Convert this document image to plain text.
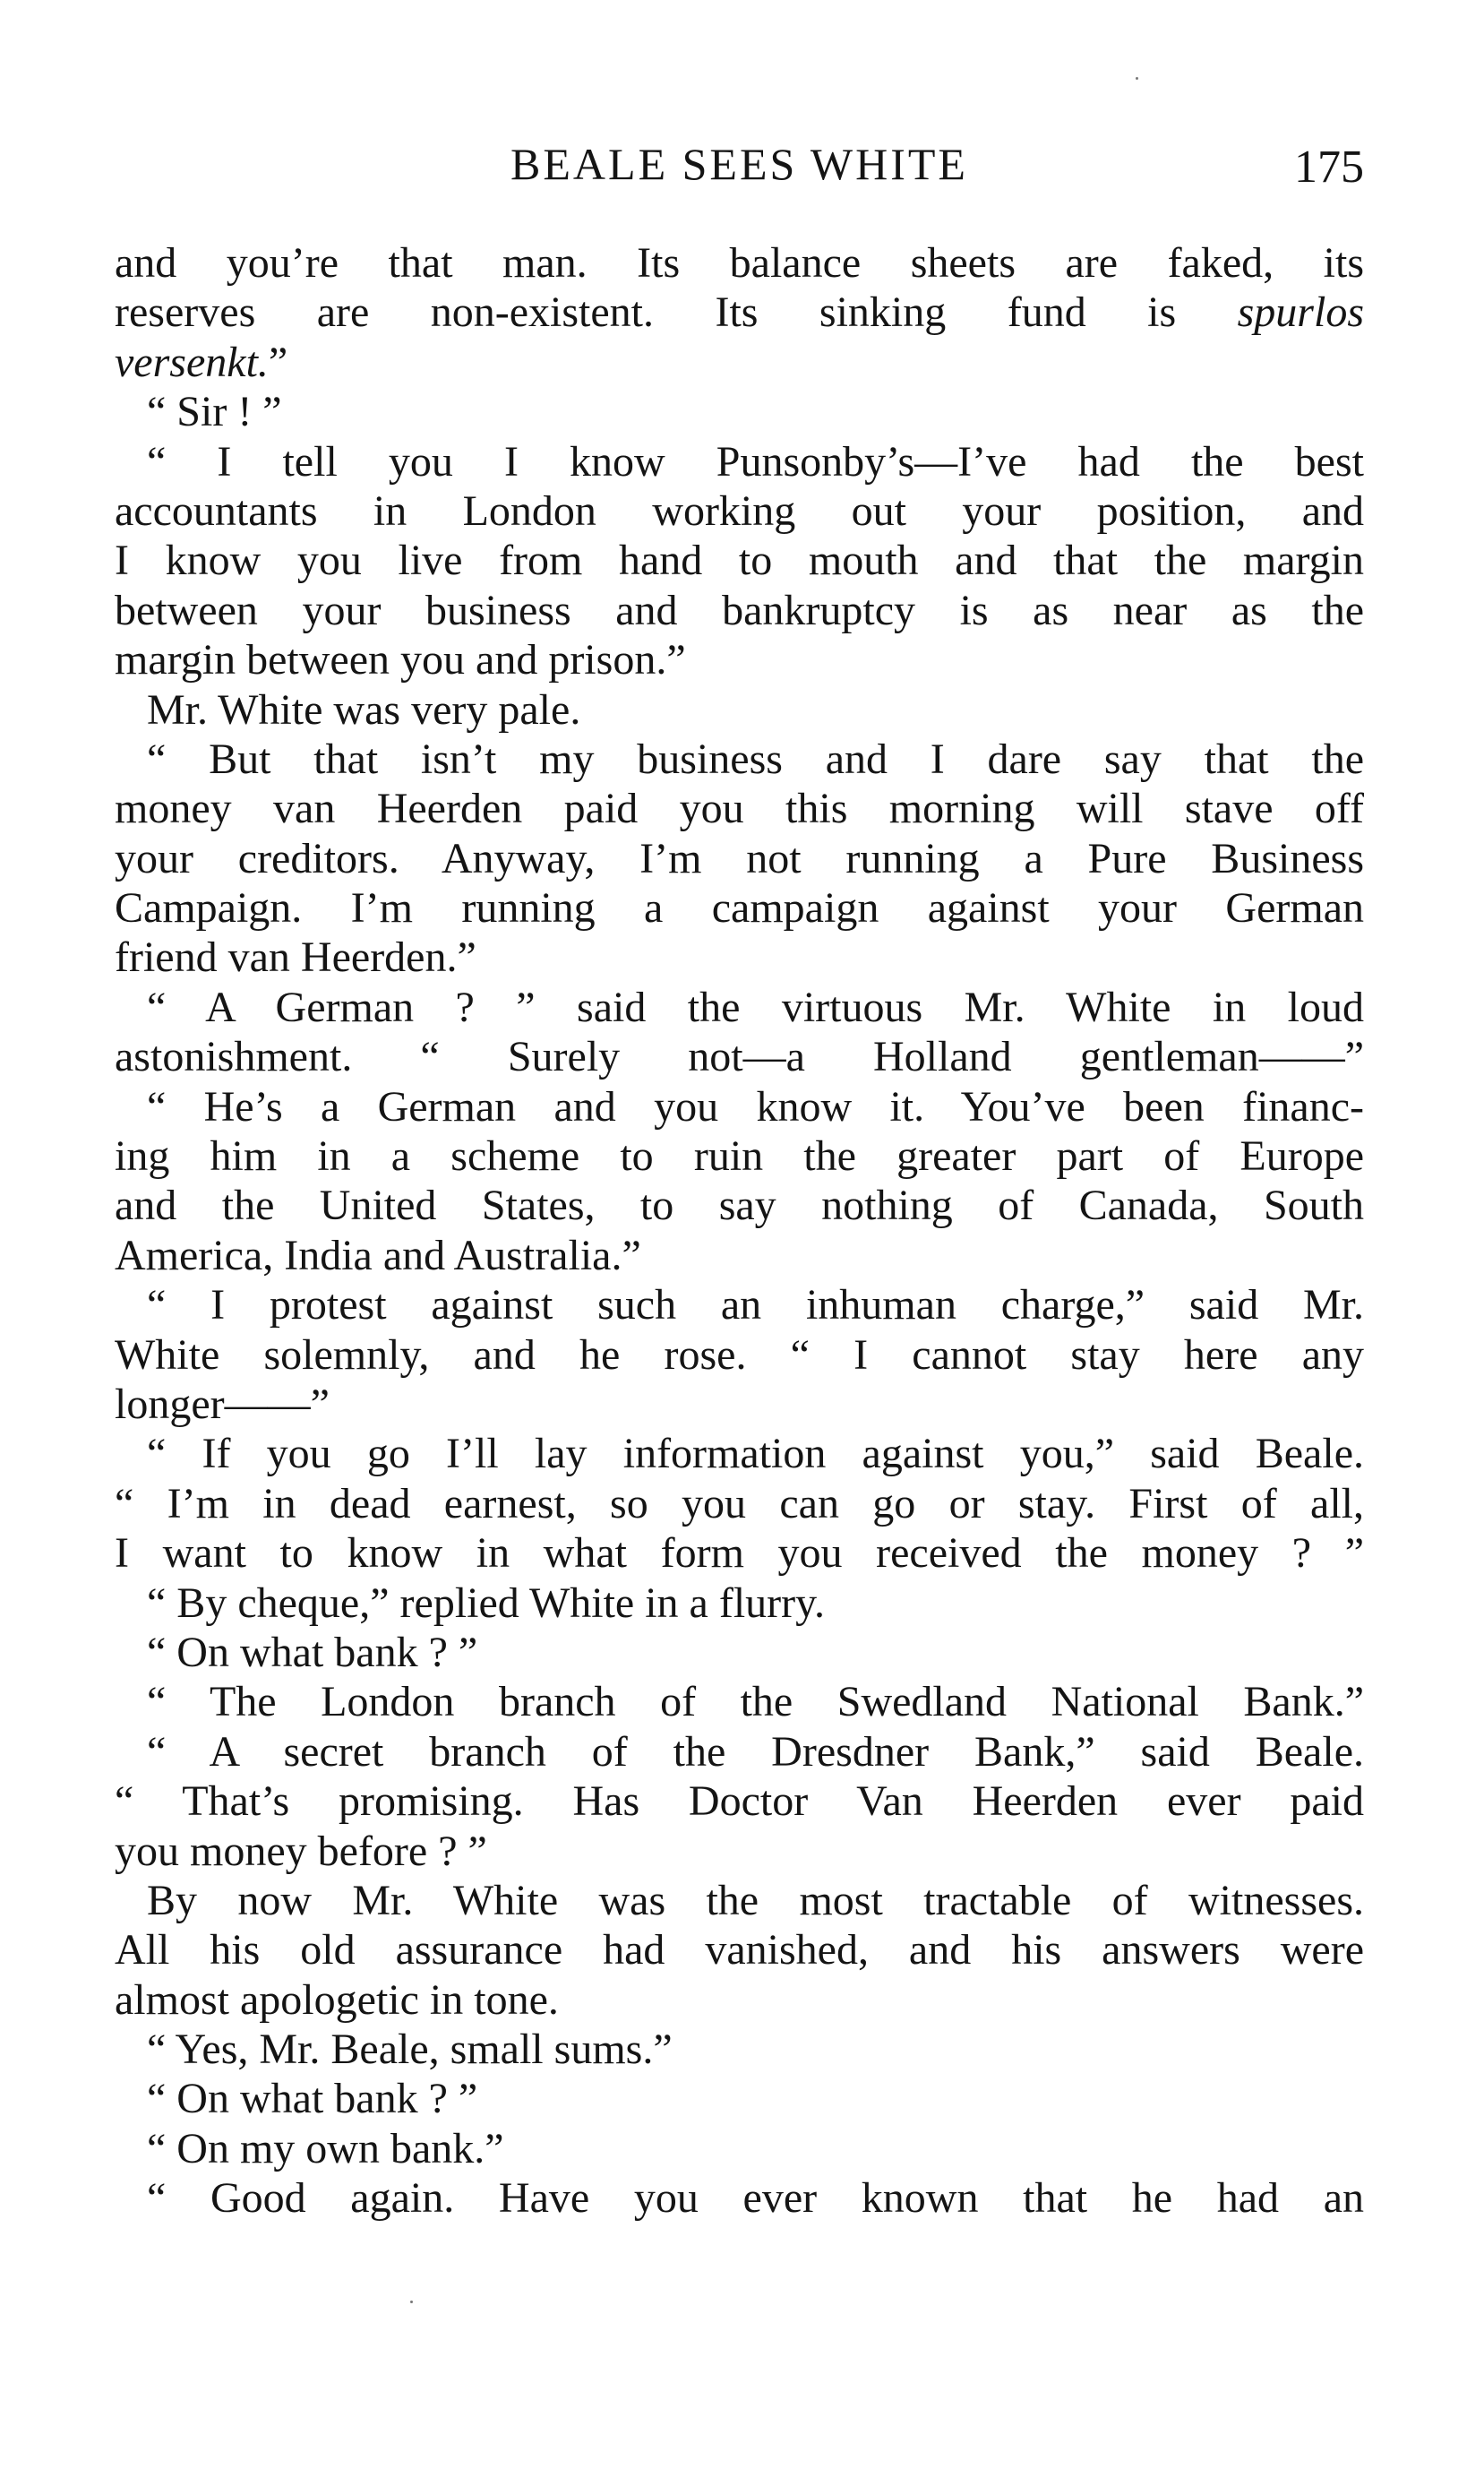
BEALE SEES WHITE	175
and you’re that man. Its balance sheets are faked, its
reserves are non-existent. Its sinking fund is spurlos
versenkt.”
“ Sir ! ”
“ I tell you I know Punsonby’s—I’ve had the best
accountants in London working out your position, and
I know you live from hand to mouth and that the margin
between your business and bankruptcy is as near as the
margin between you and prison.”
Mr. White was very pale.
“ But that isn’t my business and I dare say that the
money van Heerden paid you this morning will stave off
your creditors. Anyway, I’m not running a Pure Business
Campaign. I’m running a campaign against your German
friend van Heerden.”
“ A German ? ” said the virtuous Mr. White in loud
astonishment. “ Surely not—a Holland gentleman——”
“ He’s a German and you know it. You’ve been financ-
ing him in a scheme to ruin the greater part of Europe
and the United States, to say nothing of Canada, South
America, India and Australia.”
“ I protest against such an inhuman charge,” said Mr.
White solemnly, and he rose. “ I cannot stay here any
longer——”
“ If you go I’ll lay information against you,” said Beale.
“ I’m in dead earnest, so you can go or stay. First of all,
I want to know in what form you received the money ? ”
“ By cheque,” replied White in a flurry.
“ On what bank ? ”
“ The London branch of the Swedland National Bank.”
“ A secret branch of the Dresdner Bank,” said Beale.
“ That’s promising. Has Doctor Van Heerden ever paid
you money before ? ”
By now Mr. White was the most tractable of witnesses.
All his old assurance had vanished, and his answers were
almost apologetic in tone.
“ Yes, Mr. Beale, small sums.”
“ On what bank ? ”
“ On my own bank.”
“ Good again. Have you ever known that he had an
